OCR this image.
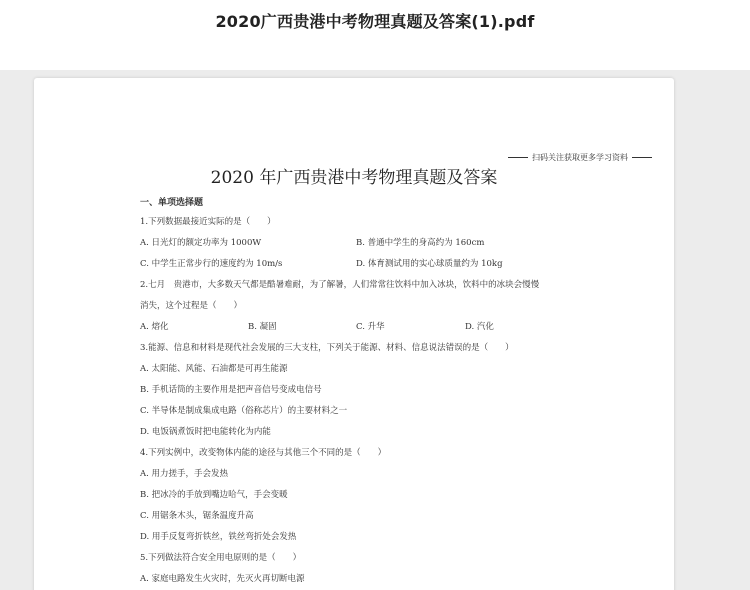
2020广西贵港中考物理真题及答案(1).pdf
扫码关注获取更多学习资料
2020 年广西贵港中考物理真题及答案
一、单项选择题
1.下列数据最接近实际的是（　　）
A. 日光灯的额定功率为 1000W	B. 普通中学生的身高约为 160cm
C. 中学生正常步行的速度约为 10m/s	D. 体育测试用的实心球质量约为 10kg
2.七月　贵港市，大多数天气都是酷暑难耐，为了解暑，人们常常往饮料中加入冰块，饮料中的冰块会慢慢
消失，这个过程是（　　）
A. 熔化	B. 凝固	C. 升华	D. 汽化
3.能源、信息和材料是现代社会发展的三大支柱，下列关于能源、材料、信息说法错误的是（　　）
A. 太阳能、风能、石油都是可再生能源
B. 手机话筒的主要作用是把声音信号变成电信号
C. 半导体是制成集成电路（俗称芯片）的主要材料之一
D. 电饭锅煮饭时把电能转化为内能
4.下列实例中，改变物体内能的途径与其他三个不同的是（　　）
A. 用力搓手，手会发热
B. 把冰冷的手放到嘴边哈气，手会变暖
C. 用锯条木头，锯条温度升高
D. 用手反复弯折铁丝，铁丝弯折处会发热
5.下列做法符合安全用电原则的是（　　）
A. 家庭电路发生火灾时，先灭火再切断电源
